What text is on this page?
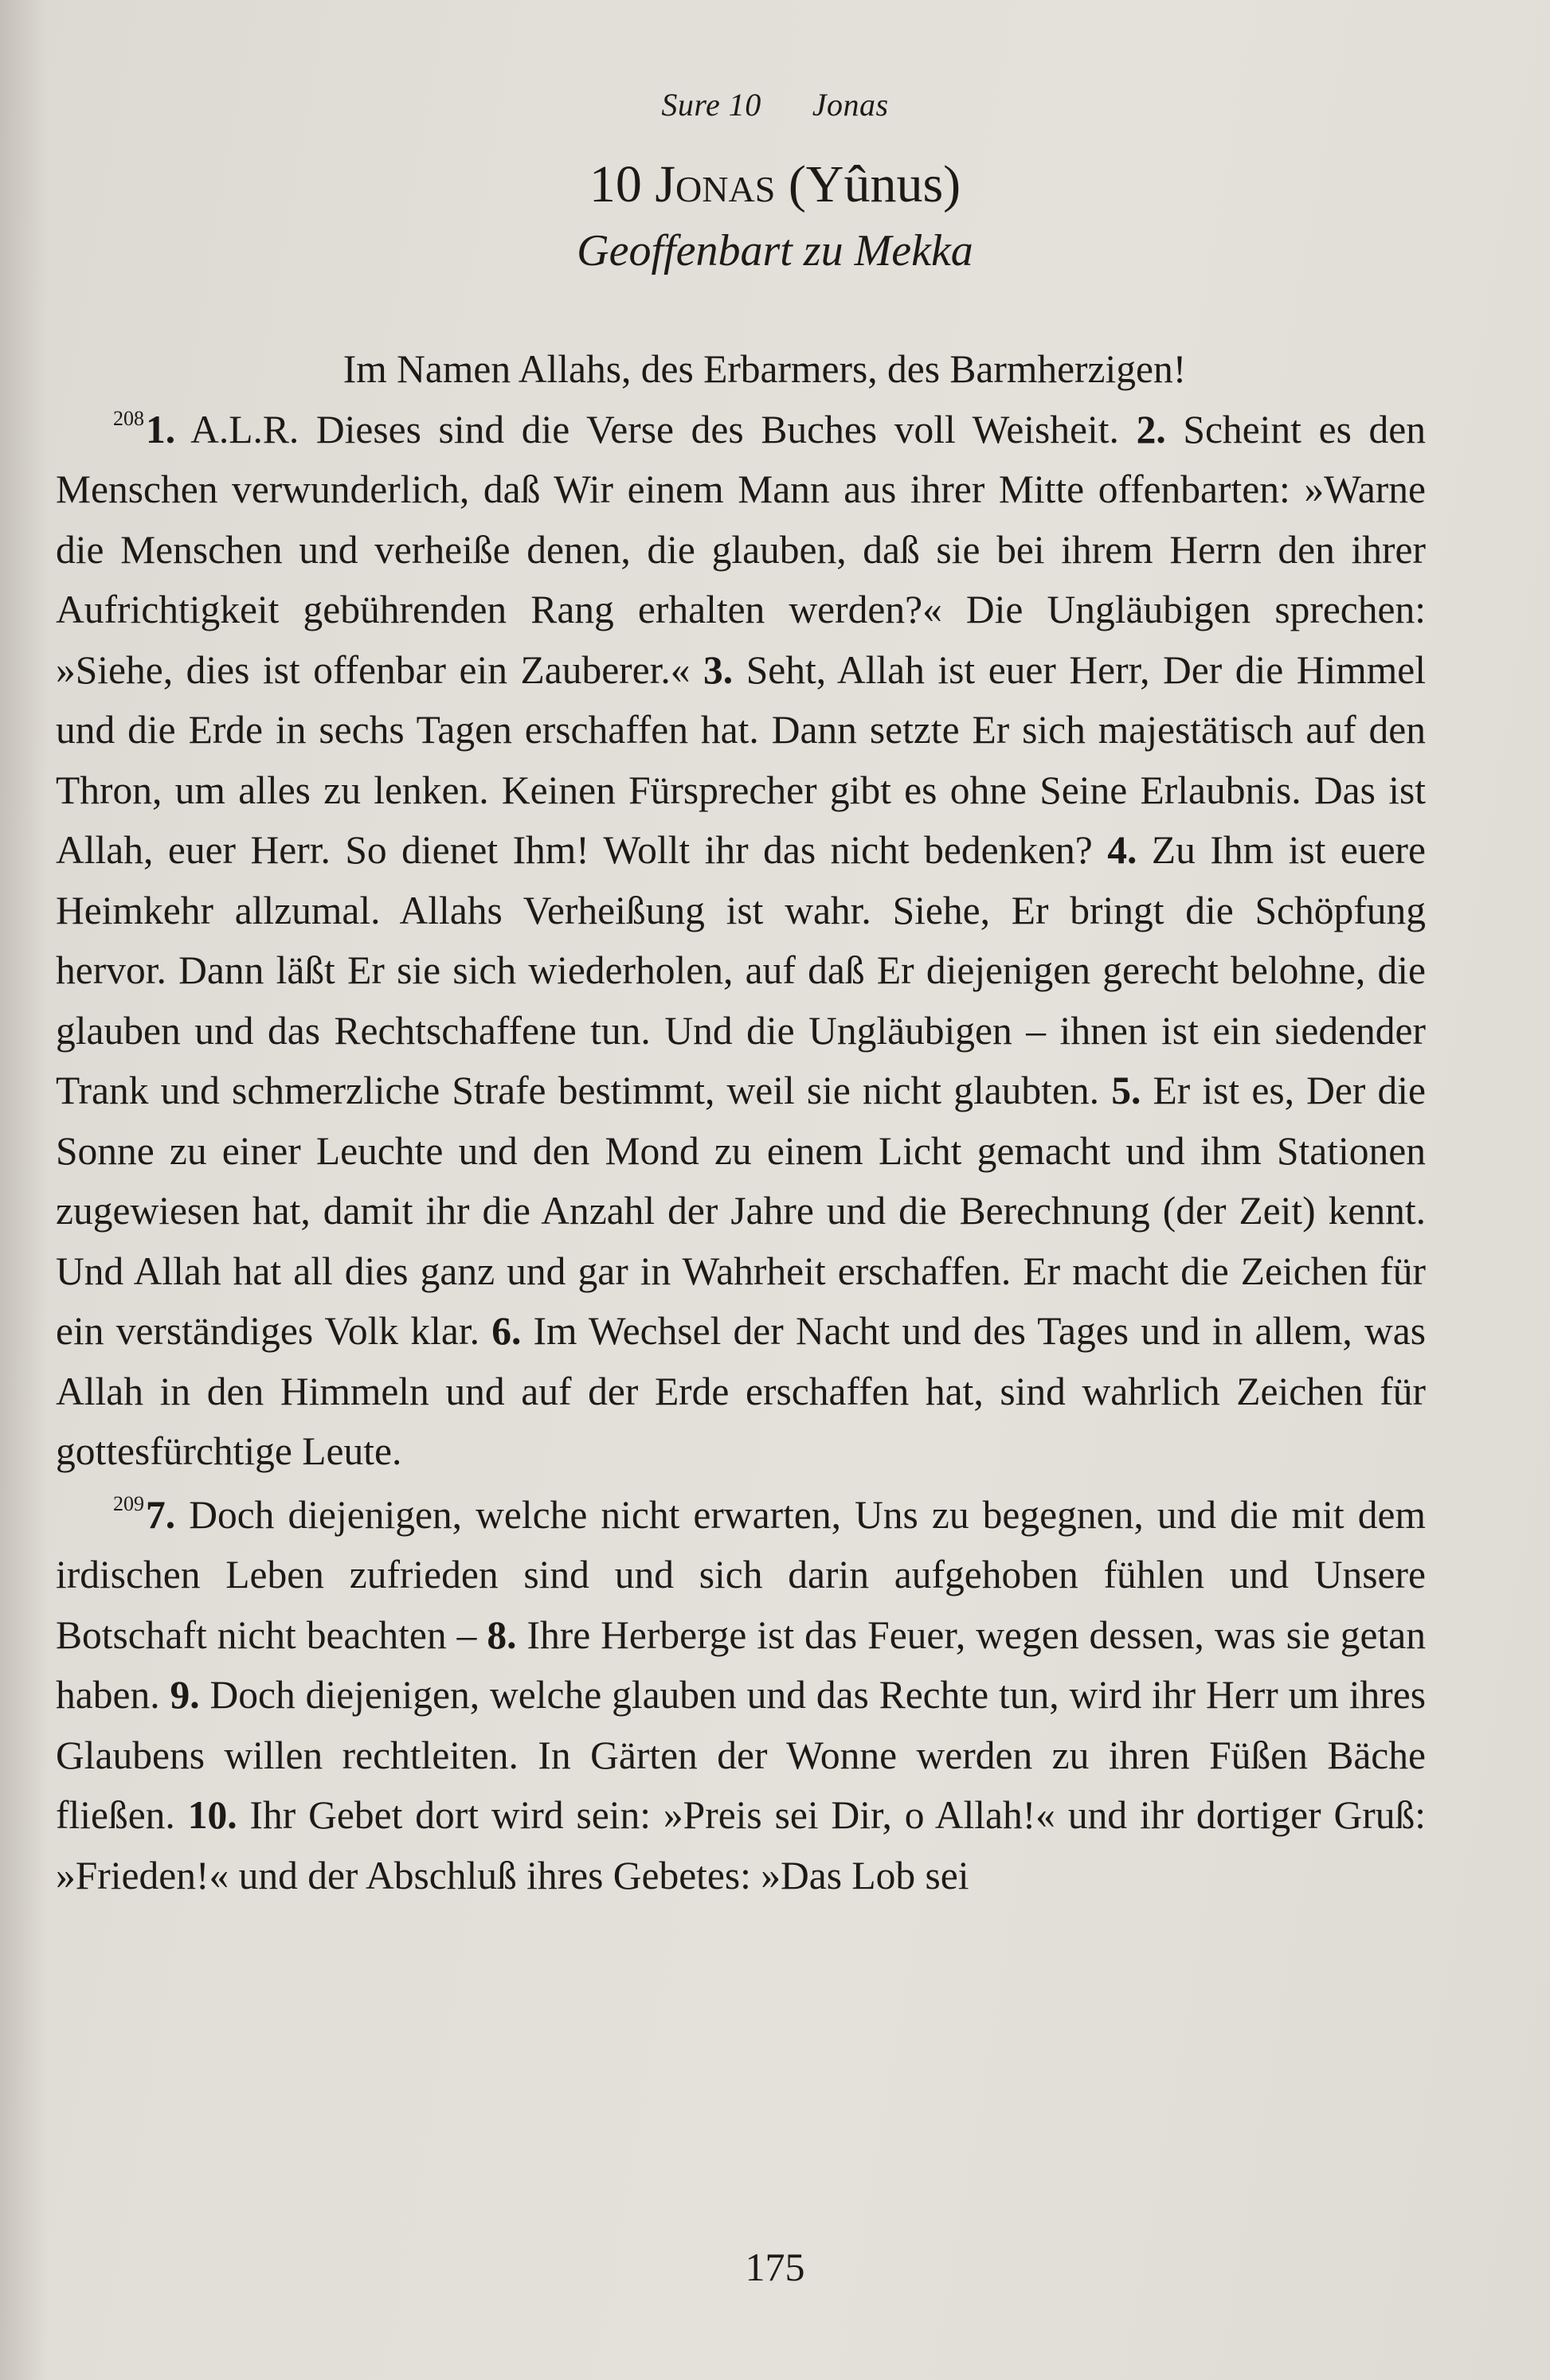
Sure 10 Jonas
10 Jonas (Yûnus)
Geoffenbart zu Mekka

Im Namen Allahs, des Erbarmers, des Barmherzigen!

$^{208}$1. A.L.R. Dieses sind die Verse des Buches voll Weisheit. 2. Scheint es den Menschen verwunderlich, daß Wir einem Mann aus ihrer Mitte offenbarten: »Warne die Menschen und verheiße denen, die glauben, daß sie bei ihrem Herrn den ihrer Aufrichtigkeit gebührenden Rang erhalten werden?« Die Ungläubigen sprechen: »Siehe, dies ist offenbar ein Zauberer.« 3. Seht, Allah ist euer Herr, Der die Himmel und die Erde in sechs Tagen erschaffen hat. Dann setzte Er sich majestätisch auf den Thron, um alles zu lenken. Keinen Fürsprecher gibt es ohne Seine Erlaubnis. Das ist Allah, euer Herr. So dienet Ihm! Wollt ihr das nicht bedenken? 4. Zu Ihm ist euere Heimkehr allzumal. Allahs Verheißung ist wahr. Siehe, Er bringt die Schöpfung hervor. Dann läßt Er sie sich wiederholen, auf daß Er diejenigen gerecht belohne, die glauben und das Rechtschaffene tun. Und die Ungläubigen – ihnen ist ein siedender Trank und schmerzliche Strafe bestimmt, weil sie nicht glaubten. 5. Er ist es, Der die Sonne zu einer Leuchte und den Mond zu einem Licht gemacht und ihm Stationen zugewiesen hat, damit ihr die Anzahl der Jahre und die Berechnung (der Zeit) kennt. Und Allah hat all dies ganz und gar in Wahrheit erschaffen. Er macht die Zeichen für ein verständiges Volk klar. 6. Im Wechsel der Nacht und des Tages und in allem, was Allah in den Himmeln und auf der Erde erschaffen hat, sind wahrlich Zeichen für gottesfürchtige Leute.

$^{209}$7. Doch diejenigen, welche nicht erwarten, Uns zu begegnen, und die mit dem irdischen Leben zufrieden sind und sich darin aufgehoben fühlen und Unsere Botschaft nicht beachten – 8. Ihre Herberge ist das Feuer, wegen dessen, was sie getan haben. 9. Doch diejenigen, welche glauben und das Rechte tun, wird ihr Herr um ihres Glaubens willen rechtleiten. In Gärten der Wonne werden zu ihren Füßen Bäche fließen. 10. Ihr Gebet dort wird sein: »Preis sei Dir, o Allah!« und ihr dortiger Gruß: »Frieden!« und der Abschluß ihres Gebetes: »Das Lob sei

175
